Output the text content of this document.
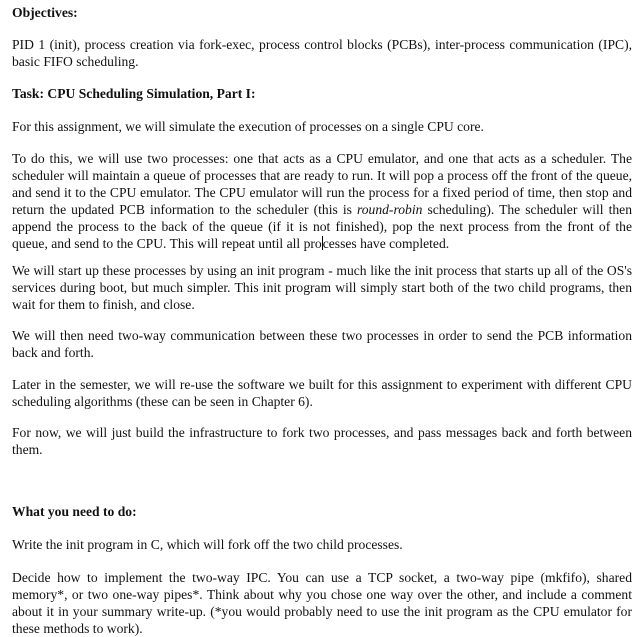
Objectives:

PID 1 (init), process creation via fork-exec, process control blocks (PCBs), inter-process communication (IPC), basic FIFO scheduling.

Task: CPU Scheduling Simulation, Part I:

For this assignment, we will simulate the execution of processes on a single CPU core.

To do this, we will use two processes: one that acts as a CPU emulator, and one that acts as a scheduler. The scheduler will maintain a queue of processes that are ready to run. It will pop a process off the front of the queue, and send it to the CPU emulator. The CPU emulator will run the process for a fixed period of time, then stop and return the updated PCB information to the scheduler (this is round-robin scheduling). The scheduler will then append the process to the back of the queue (if it is not finished), pop the next process from the front of the queue, and send to the CPU. This will repeat until all processes have completed.

We will start up these processes by using an init program - much like the init process that starts up all of the OS's services during boot, but much simpler. This init program will simply start both of the two child programs, then wait for them to finish, and close.

We will then need two-way communication between these two processes in order to send the PCB information back and forth.

Later in the semester, we will re-use the software we built for this assignment to experiment with different CPU scheduling algorithms (these can be seen in Chapter 6).

For now, we will just build the infrastructure to fork two processes, and pass messages back and forth between them.

What you need to do:

Write the init program in C, which will fork off the two child processes.

Decide how to implement the two-way IPC. You can use a TCP socket, a two-way pipe (mkfifo), shared memory*, or two one-way pipes*. Think about why you chose one way over the other, and include a comment about it in your summary write-up. (*you would probably need to use the init program as the CPU emulator for these methods to work).
